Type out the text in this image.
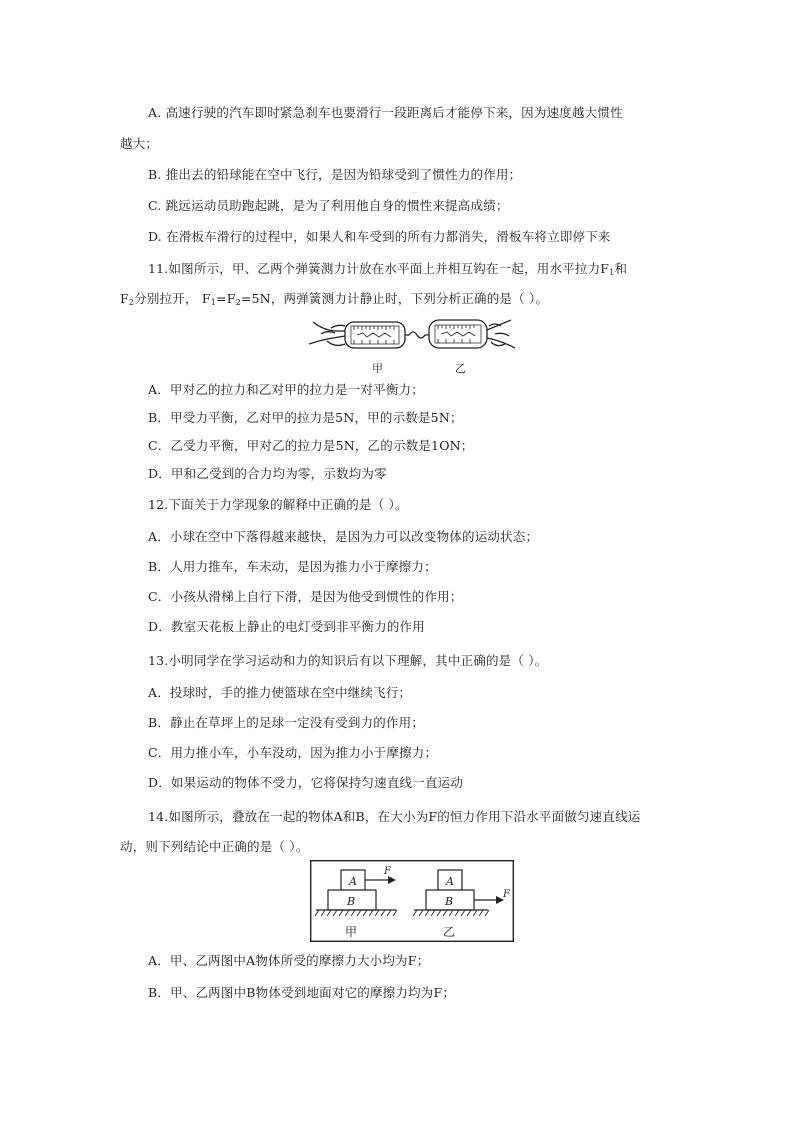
A. 高速行驶的汽车即时紧急刹车也要滑行一段距离后才能停下来，因为速度越大惯性
越大；
B. 推出去的铅球能在空中飞行，是因为铅球受到了惯性力的作用；
C. 跳远运动员助跑起跳，是为了利用他自身的惯性来提高成绩；
D. 在滑板车滑行的过程中，如果人和车受到的所有力都消失，滑板车将立即停下来
11.如图所示，甲、乙两个弹簧测力计放在水平面上并相互钩在一起，用水平拉力$F_1$和
$F_2$分别拉开， $F_1=F_2=5N$，两弹簧测力计静止时，下列分析正确的是（ ）。
甲	乙
A．甲对乙的拉力和乙对甲的拉力是一对平衡力；
B．甲受力平衡，乙对甲的拉力是5N，甲的示数是5N；
C．乙受力平衡，甲对乙的拉力是5N，乙的示数是1ON；
D．甲和乙受到的合力均为零，示数均为零
12.下面关于力学现象的解释中正确的是（ ）。
A．小球在空中下落得越来越快，是因为力可以改变物体的运动状态；
B．人用力推车，车未动，是因为推力小于摩擦力；
C．小孩从滑梯上自行下滑，是因为他受到惯性的作用；
D．教室天花板上静止的电灯受到非平衡力的作用
13.小明同学在学习运动和力的知识后有以下理解，其中正确的是（ ）。
A．投球时，手的推力使篮球在空中继续飞行；
B．静止在草坪上的足球一定没有受到力的作用；
C．用力推小车，小车没动，因为推力小于摩擦力；
D．如果运动的物体不受力，它将保持匀速直线一直运动
14.如图所示，叠放在一起的物体A和B，在大小为F的恒力作用下沿水平面做匀速直线运
动，则下列结论中正确的是（ ）。
A
B
F
甲
A
B
F
乙
A．甲、乙两图中A物体所受的摩擦力大小均为F；
B．甲、乙两图中B物体受到地面对它的摩擦力均为F；
